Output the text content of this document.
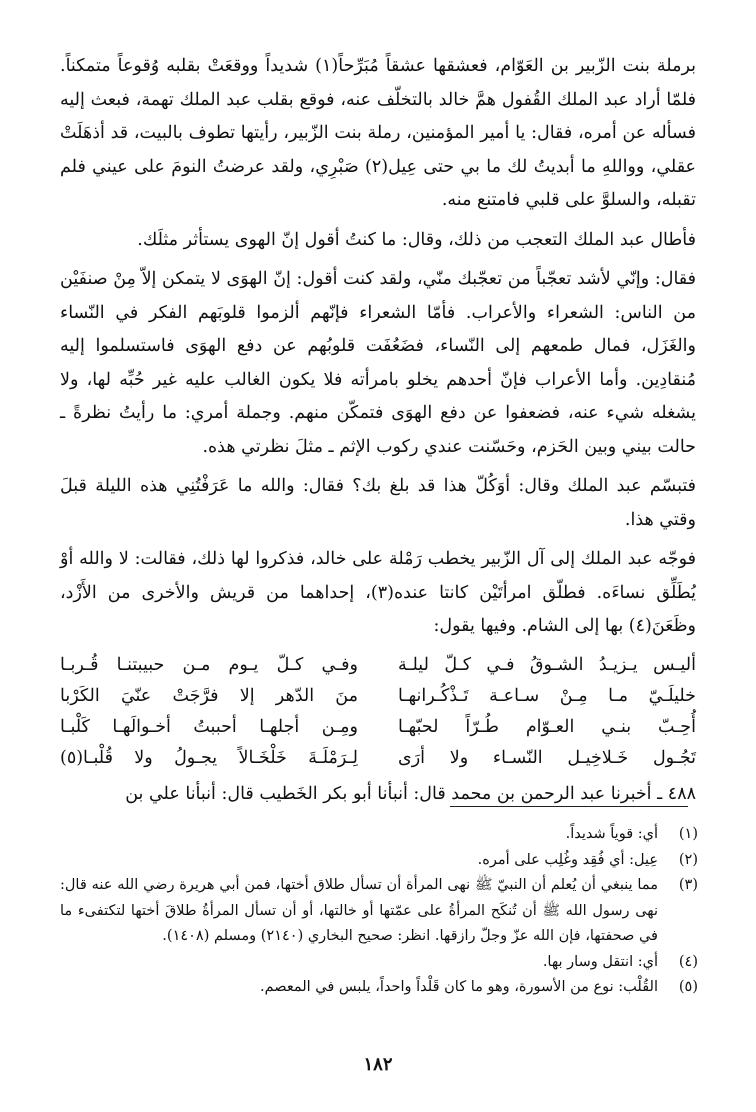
برملة بنت الزّبير بن العَوّام، فعشقها عشقاً مُبَرِّحاً(١) شديداً ووقعَتْ بقلبه وُقوعاً متمكناً. فلمّا أراد عبد الملك القُفول همَّ خالد بالتخلّف عنه، فوقع بقلب عبد الملك تهمة، فبعث إليه فسأله عن أمره، فقال: يا أمير المؤمنين، رملة بنت الزّبير، رأيتها تطوف بالبيت، قد أذهَلَتْ عقلي، وواللهِ ما أبديتُ لك ما بي حتى عِيل(٢) صَبْرِي، ولقد عرضتُ النومَ على عيني فلم تقبله، والسلوَّ على قلبي فامتنع منه.

فأطال عبد الملك التعجب من ذلك، وقال: ما كنتُ أقول إنّ الهوى يستأثر مثلَك.

فقال: وإنّي لأشد تعجّباً من تعجّبك منّي، ولقد كنت أقول: إنّ الهوَى لا يتمكن إلاّ مِنْ صنفَيْن من الناس: الشعراء والأعراب. فأمّا الشعراء فإنّهم ألزموا قلوبَهم الفكر في النّساء والغَزَل، فمال طمعهم إلى النّساء، فضَعُفَت قلوبُهم عن دفع الهوَى فاستسلموا إليه مُنقادِين. وأما الأعراب فإنّ أحدهم يخلو بامرأته فلا يكون الغالب عليه غير حُبِّه لها، ولا يشغله شيء عنه، فضعفوا عن دفع الهوَى فتمكّن منهم. وجملة أمري: ما رأيتُ نظرةً ـ حالت بيني وبين الحَزم، وحَسّنت عندي ركوب الإثم ـ مثلَ نظرتي هذه.

فتبسّم عبد الملك وقال: أوَكُلّ هذا قد بلغ بك؟ فقال: والله ما عَرَفْتُنِي هذه الليلة قبلَ وقتي هذا.

فوجّه عبد الملك إلى آل الزّبير يخطب رَمْلة على خالد، فذكروا لها ذلك، فقالت: لا والله أوْ يُطَلِّق نساءَه. فطلّق امرأتَيْن كانتا عنده(٣)، إحداهما من قريش والأخرى من الأَزْد، وظَعَنَ(٤) بها إلى الشام. وفيها يقول:

أليـس يـزيـدُ الشـوقُ فـي كـلّ ليلـة
وفـي كـلّ يـوم مـن حبيبتنـا قُـربـا
خليلَـيّ مـا مِـنْ سـاعـة تَـذْكُـرانهـا
منَ الدّهر إلا فرَّجَتْ عنّيَ الكَرْبا
أُحِـبّ بنـي العـوّام طُـرّاً لحبّهـا
ومِـن أجلهـا أحببتُ أخـوالَهـا كَلْبـا
تَجُـول خَـلاخِيـل النّسـاء ولا أرَى
لِـرَمْلَـةَ خَلْخَـالاً يجـولُ ولا قُلْبـا(٥)

٤٨٨ ـ أخبرنا عبد الرحمن بن محمد قال: أنبأنا أبو بكر الخَطيب قال: أنبأنا علي بن

(١)
أي: قوياً شديداً.
(٢)
عِيل: أي فُقِد وغُلِب على أمره.
(٣)
مما ينبغي أن يُعلم أن النبيّ ﷺ نهى المرأة أن تسأل طلاق أختها، فمن أبي هريرة رضي الله عنه قال: نهى رسول الله ﷺ أن تُنكَح المرأةُ على عمّتها أو خالتها، أو أن تسأل المرأةُ طلاقَ أختها لتكتفىء ما في صحفتها، فإن الله عزّ وجلّ رازقها. انظر: صحيح البخاري (٢١٤٠) ومسلم (١٤٠٨).
(٤)
أي: انتقل وسار بها.
(٥)
القُلْب: نوع من الأسورة، وهو ما كان قَلْداً واحداً، يلبس في المعصم.
١٨٢
